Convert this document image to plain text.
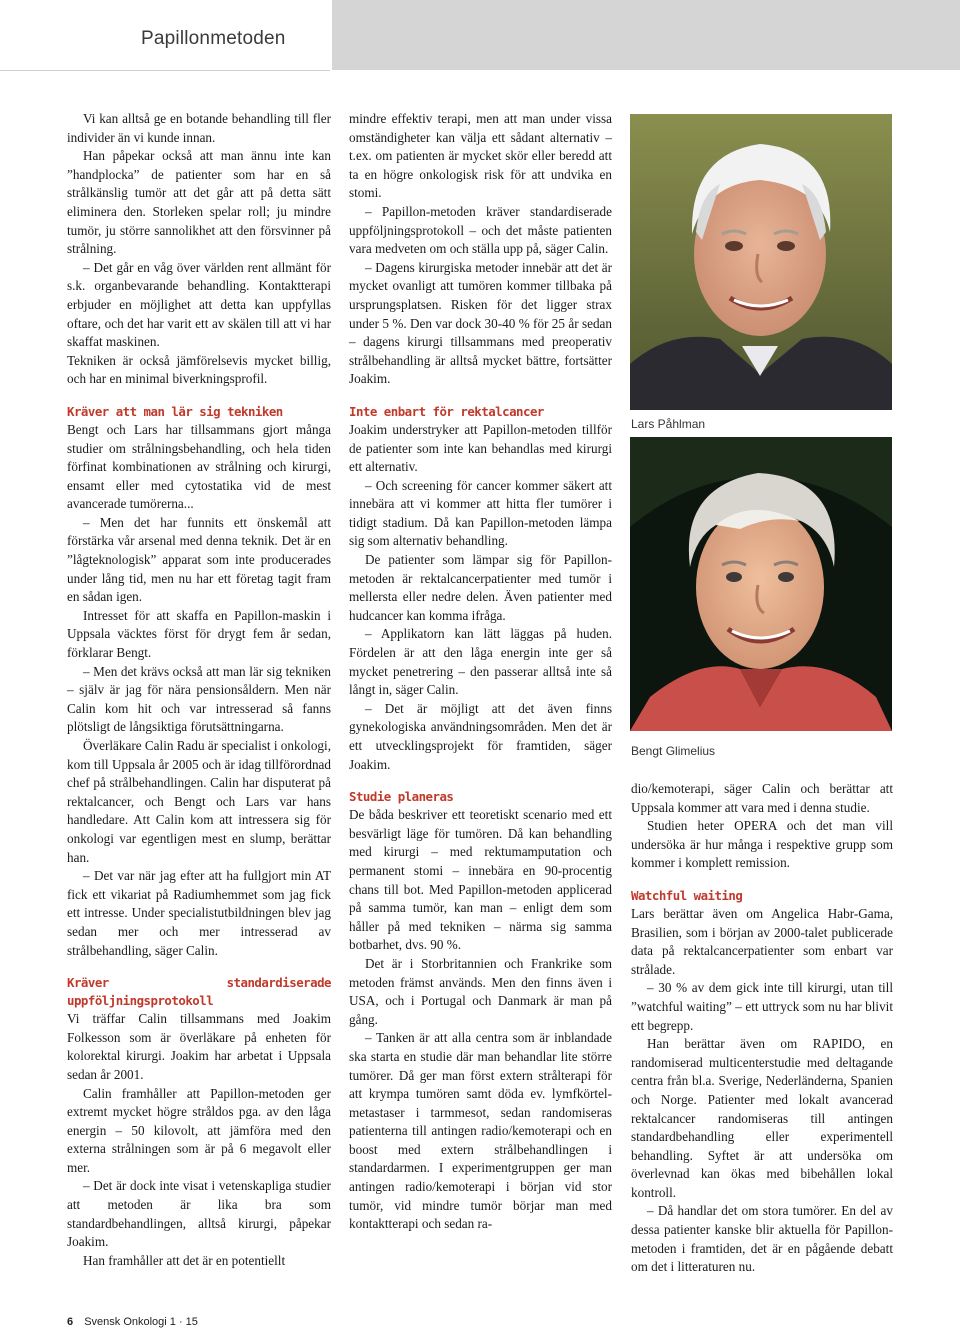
Papillonmetoden

Vi kan alltså ge en botande behandling till fler individer än vi kunde innan.

Han påpekar också att man ännu inte kan ”handplocka” de patienter som har en så strålkänslig tumör att det går att på detta sätt eliminera den. Storleken spelar roll; ju mindre tumör, ju större sannolikhet att den försvinner på strålning.

– Det går en våg över världen rent allmänt för s.k. organbevarande behandling. Kontaktterapi erbjuder en möjlighet att detta kan uppfyllas oftare, och det har varit ett av skälen till att vi har skaffat maskinen.

Tekniken är också jämförelsevis mycket billig, och har en minimal biverkningsprofil.

Kräver att man lär sig tekniken

Bengt och Lars har tillsammans gjort många studier om strålningsbehandling, och hela tiden förfinat kombinationen av strålning och kirurgi, ensamt eller med cytostatika vid de mest avancerade tumörerna...

– Men det har funnits ett önskemål att förstärka vår arsenal med denna teknik. Det är en ”lågteknologisk” apparat som inte producerades under lång tid, men nu har ett företag tagit fram en sådan igen.

Intresset för att skaffa en Papillon-maskin i Uppsala väcktes först för drygt fem år sedan, förklarar Bengt.

– Men det krävs också att man lär sig tekniken – själv är jag för nära pensionsåldern. Men när Calin kom hit och var intresserad så fanns plötsligt de långsiktiga förutsättningarna.

Överläkare Calin Radu är specialist i onkologi, kom till Uppsala år 2005 och är idag tillförordnad chef på strålbehandlingen. Calin har disputerat på rektalcancer, och Bengt och Lars var hans handledare. Att Calin kom att intressera sig för onkologi var egentligen mest en slump, berättar han.

– Det var när jag efter att ha fullgjort min AT fick ett vikariat på Radiumhemmet som jag fick ett intresse. Under specialistutbildningen blev jag sedan mer och mer intresserad av strålbehandling, säger Calin.

Kräver standardiserade uppföljningsprotokoll

Vi träffar Calin tillsammans med Joakim Folkesson som är överläkare på enheten för kolorektal kirurgi. Joakim har arbetat i Uppsala sedan år 2001.

Calin framhåller att Papillon-metoden ger extremt mycket högre stråldos pga. av den låga energin – 50 kilovolt, att jämföra med den externa strålningen som är på 6 megavolt eller mer.

– Det är dock inte visat i vetenskapliga studier att metoden är lika bra som standardbehandlingen, alltså kirurgi, påpekar Joakim.

Han framhåller att det är en potentiellt

mindre effektiv terapi, men att man under vissa omständigheter kan välja ett sådant alternativ – t.ex. om patienten är mycket skör eller beredd att ta en högre onkologisk risk för att undvika en stomi.

– Papillon-metoden kräver standardiserade uppföljningsprotokoll – och det måste patienten vara medveten om och ställa upp på, säger Calin.

– Dagens kirurgiska metoder innebär att det är mycket ovanligt att tumören kommer tillbaka på ursprungsplatsen. Risken för det ligger strax under 5 %. Den var dock 30-40 % för 25 år sedan – dagens kirurgi tillsammans med preoperativ strålbehandling är alltså mycket bättre, fortsätter Joakim.

Inte enbart för rektalcancer

Joakim understryker att Papillon-metoden tillför de patienter som inte kan behandlas med kirurgi ett alternativ.

– Och screening för cancer kommer säkert att innebära att vi kommer att hitta fler tumörer i tidigt stadium. Då kan Papillon-metoden lämpa sig som alternativ behandling.

De patienter som lämpar sig för Papillon-metoden är rektalcancerpatienter med tumör i mellersta eller nedre delen. Även patienter med hudcancer kan komma ifråga.

– Applikatorn kan lätt läggas på huden. Fördelen är att den låga energin inte ger så mycket penetrering – den passerar alltså inte så långt in, säger Calin.

– Det är möjligt att det även finns gynekologiska användningsområden. Men det är ett utvecklingsprojekt för framtiden, säger Joakim.

Studie planeras

De båda beskriver ett teoretiskt scenario med ett besvärligt läge för tumören. Då kan behandling med kirurgi – med rektumamputation och permanent stomi – innebära en 90-procentig chans till bot. Med Papillon-metoden applicerad på samma tumör, kan man – enligt dem som håller på med tekniken – närma sig samma botbarhet, dvs. 90 %.

Det är i Storbritannien och Frankrike som metoden främst används. Men den finns även i USA, och i Portugal och Danmark är man på gång.

– Tanken är att alla centra som är inblandade ska starta en studie där man behandlar lite större tumörer. Då ger man först extern strålterapi för att krympa tumören samt döda ev. lymfkörtel-metastaser i tarmmesot, sedan randomiseras patienterna till antingen radio/kemoterapi och en boost med extern strålbehandlingen i standardarmen. I experimentgruppen ger man antingen radio/kemoterapi i början vid stor tumör, vid mindre tumör börjar man med kontaktterapi och sedan ra-

Lars Påhlman
Bengt Glimelius

dio/kemoterapi, säger Calin och berättar att Uppsala kommer att vara med i denna studie.

Studien heter OPERA och det man vill undersöka är hur många i respektive grupp som kommer i komplett remission.

Watchful waiting

Lars berättar även om Angelica Habr-Gama, Brasilien, som i början av 2000-talet publicerade data på rektalcancerpatienter som enbart var strålade.

– 30 % av dem gick inte till kirurgi, utan till ”watchful waiting” – ett uttryck som nu har blivit ett begrepp.

Han berättar även om RAPIDO, en randomiserad multicenterstudie med deltagande centra från bl.a. Sverige, Nederländerna, Spanien och Norge. Patienter med lokalt avancerad rektalcancer randomiseras till antingen standardbehandling eller experimentell behandling. Syftet är att undersöka om överlevnad kan ökas med bibehållen lokal kontroll.

– Då handlar det om stora tumörer. En del av dessa patienter kanske blir aktuella för Papillon-metoden i framtiden, det är en pågående debatt om det i litteraturen nu.

6 Svensk Onkologi 1 · 15
